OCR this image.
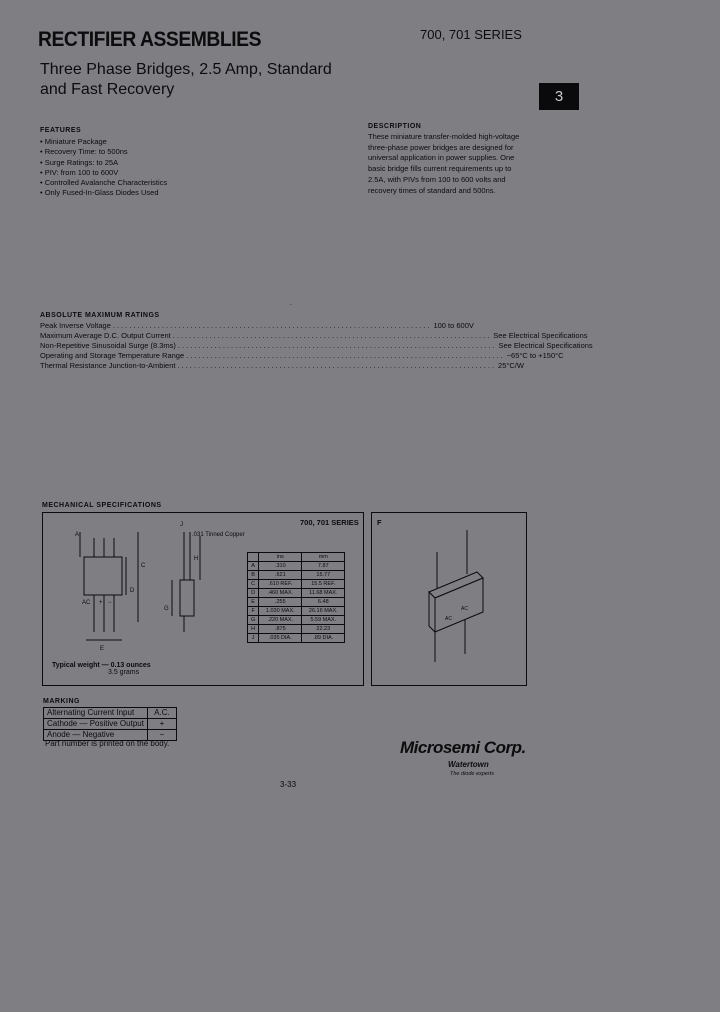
RECTIFIER ASSEMBLIES	700, 701 SERIES
Three Phase Bridges, 2.5 Amp, Standard
and Fast Recovery	3
FEATURES
• Miniature Package
• Recovery Time: to 500ns
• Surge Ratings: to 25A
• PIV: from 100 to 600V
• Controlled Avalanche Characteristics
• Only Fused-In-Glass Diodes Used
DESCRIPTION
These miniature transfer-molded high-voltage three-phase power bridges are designed for universal application in power supplies. One basic bridge fills current requirements up to 2.5A, with PIVs from 100 to 600 volts and recovery times of standard and 500ns.
.
ABSOLUTE MAXIMUM RATINGS
Peak Inverse Voltage .............................................................................. 100 to 600V
Maximum Average D.C. Output Current .............................................................................. See Electrical Specifications
Non-Repetitive Sinusoidal Surge (8.3ms) .............................................................................. See Electrical Specifications
Operating and Storage Temperature Range .............................................................................. −65°C to +150°C
Thermal Resistance Junction-to-Ambient .............................................................................. 25°C/W
MECHANICAL SPECIFICATIONS
700, 701 SERIES F
A
D
C
E
G
H
J
AC + −
.031 Tinned Copper
AC
AC
	ins	mm
A	.310	7.87
B	.621	15.77
C	.610 REF.	15.5 REF.
D	.460 MAX.	11.68 MAX.
E	.255	6.48
F	1.030 MAX.	26.16 MAX.
G	.220 MAX.	5.59 MAX.
H	.875	22.23
J	.035 DIA.	.89 DIA.
Typical weight — 0.13 ounces
3.5 grams
MARKING
Alternating Current Input	A.C.
Cathode — Positive Output	+
Anode — Negative	−
Part number is printed on the body.	Microsemi Corp.
Watertown
The diode experts
3-33
